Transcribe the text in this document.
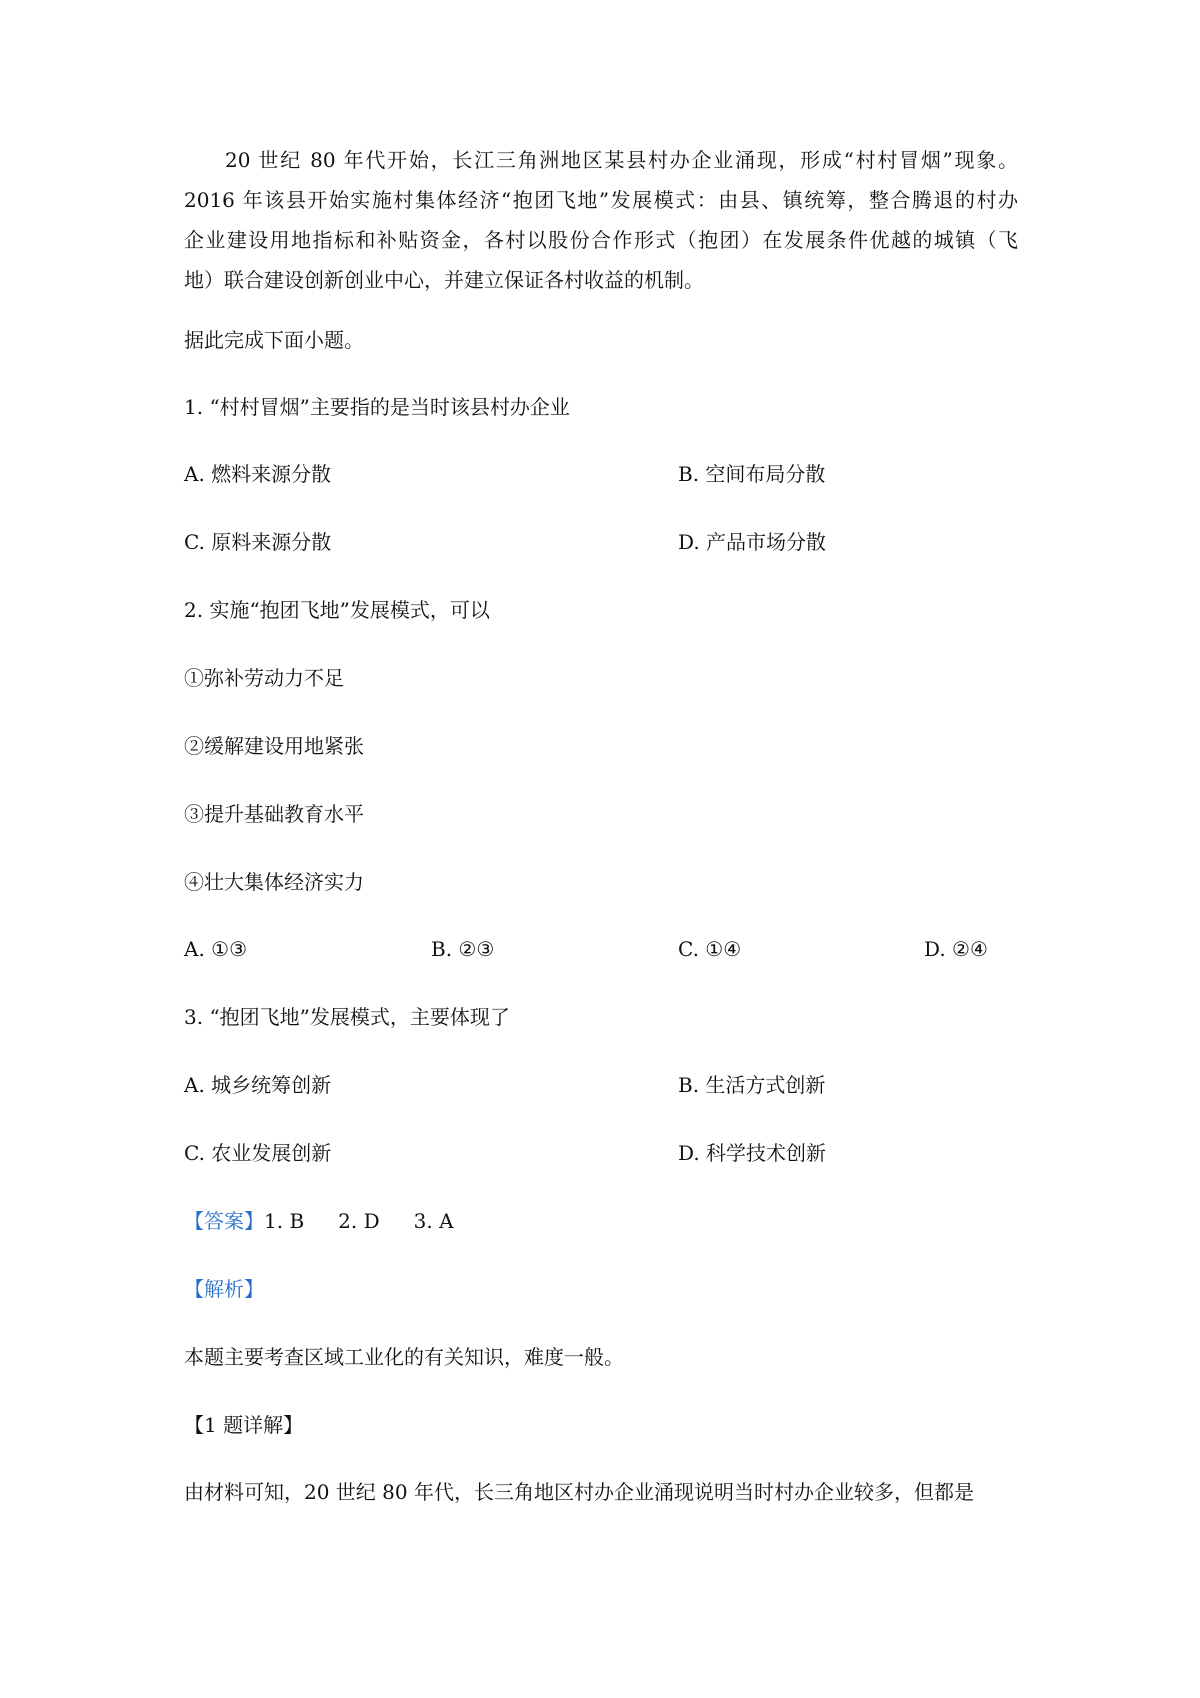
20 世纪 80 年代开始，长江三角洲地区某县村办企业涌现，形成“村村冒烟”现象。
2016 年该县开始实施村集体经济“抱团飞地”发展模式：由县、镇统筹，整合腾退的村办
企业建设用地指标和补贴资金，各村以股份合作形式（抱团）在发展条件优越的城镇（飞
地）联合建设创新创业中心，并建立保证各村收益的机制。
据此完成下面小题。
1. “村村冒烟”主要指的是当时该县村办企业
A. 燃料来源分散	B. 空间布局分散
C. 原料来源分散	D. 产品市场分散
2. 实施“抱团飞地”发展模式，可以
①弥补劳动力不足
②缓解建设用地紧张
③提升基础教育水平
④壮大集体经济实力
A. ①③	B. ②③	C. ①④	D. ②④
3. “抱团飞地”发展模式，主要体现了
A. 城乡统筹创新	B. 生活方式创新
C. 农业发展创新	D. 科学技术创新
【答案】1. B 2. D 3. A
【解析】
本题主要考查区域工业化的有关知识，难度一般。
【1 题详解】
由材料可知，20 世纪 80 年代，长三角地区村办企业涌现说明当时村办企业较多，但都是
